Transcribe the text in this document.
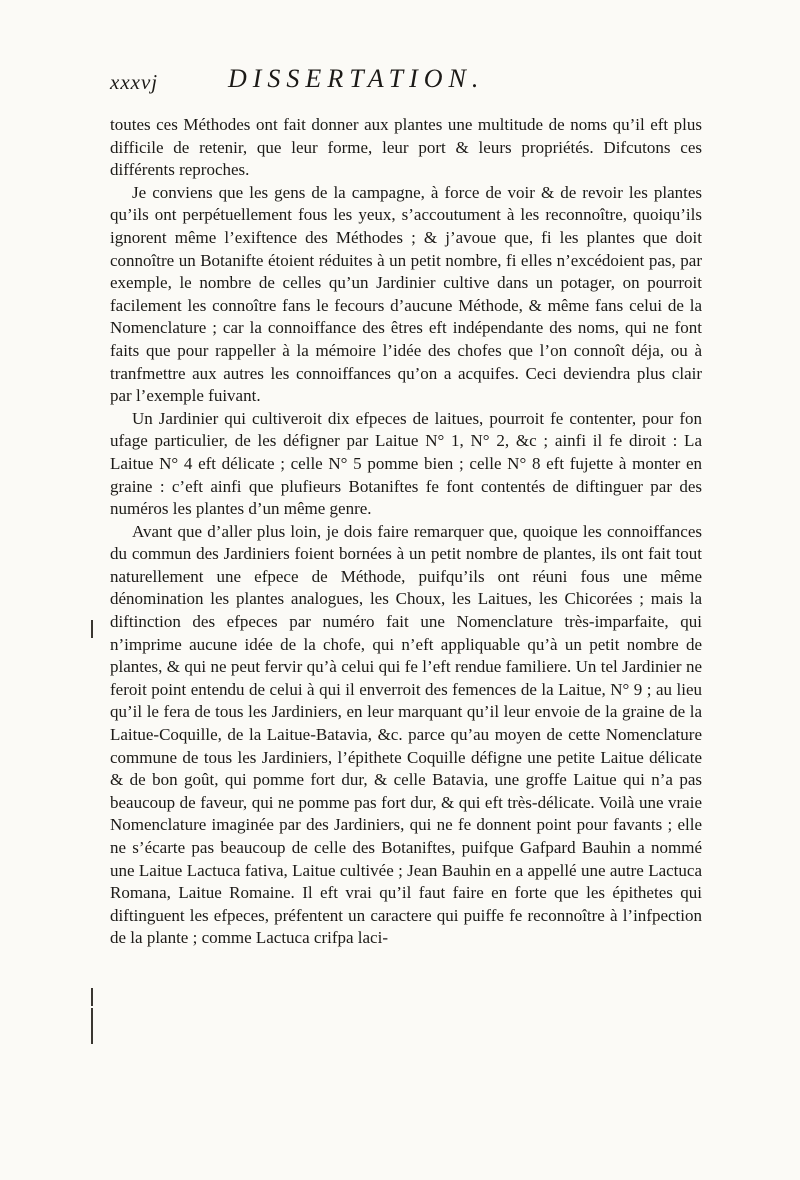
xxxvj	DISSERTATION.

toutes ces Méthodes ont fait donner aux plantes une multitude de noms qu’il eft plus difficile de retenir, que leur forme, leur port & leurs propriétés. Difcutons ces différents reproches.

Je conviens que les gens de la campagne, à force de voir & de revoir les plantes qu’ils ont perpétuellement fous les yeux, s’accoutument à les reconnoître, quoiqu’ils ignorent même l’exiftence des Méthodes ; & j’avoue que, fi les plantes que doit connoître un Botanifte étoient réduites à un petit nombre, fi elles n’excédoient pas, par exemple, le nombre de celles qu’un Jardinier cultive dans un potager, on pourroit facilement les connoître fans le fecours d’aucune Méthode, & même fans celui de la Nomenclature ; car la connoiffance des êtres eft indépendante des noms, qui ne font faits que pour rappeller à la mémoire l’idée des chofes que l’on connoît déja, ou à tranfmettre aux autres les connoiffances qu’on a acquifes. Ceci deviendra plus clair par l’exemple fuivant.

Un Jardinier qui cultiveroit dix efpeces de laitues, pourroit fe contenter, pour fon ufage particulier, de les défigner par Laitue N° 1, N° 2, &c ; ainfi il fe diroit : La Laitue N° 4 eft délicate ; celle N° 5 pomme bien ; celle N° 8 eft fujette à monter en graine : c’eft ainfi que plufieurs Botaniftes fe font contentés de diftinguer par des numéros les plantes d’un même genre.

Avant que d’aller plus loin, je dois faire remarquer que, quoique les connoiffances du commun des Jardiniers foient bornées à un petit nombre de plantes, ils ont fait tout naturellement une efpece de Méthode, puifqu’ils ont réuni fous une même dénomination les plantes analogues, les Choux, les Laitues, les Chicorées ; mais la diftinction des efpeces par numéro fait une Nomenclature très-imparfaite, qui n’imprime aucune idée de la chofe, qui n’eft appliquable qu’à un petit nombre de plantes, & qui ne peut fervir qu’à celui qui fe l’eft rendue familiere. Un tel Jardinier ne feroit point entendu de celui à qui il enverroit des femences de la Laitue, N° 9 ; au lieu qu’il le fera de tous les Jardiniers, en leur marquant qu’il leur envoie de la graine de la Laitue-Coquille, de la Laitue-Batavia, &c. parce qu’au moyen de cette Nomenclature commune de tous les Jardiniers, l’épithete Coquille défigne une petite Laitue délicate & de bon goût, qui pomme fort dur, & celle Batavia, une groffe Laitue qui n’a pas beaucoup de faveur, qui ne pomme pas fort dur, & qui eft très-délicate. Voilà une vraie Nomenclature imaginée par des Jardiniers, qui ne fe donnent point pour favants ; elle ne s’écarte pas beaucoup de celle des Botaniftes, puifque Gafpard Bauhin a nommé une Laitue Lactuca fativa, Laitue cultivée ; Jean Bauhin en a appellé une autre Lactuca Romana, Laitue Romaine. Il eft vrai qu’il faut faire en forte que les épithetes qui diftinguent les efpeces, préfentent un caractere qui puiffe fe reconnoître à l’infpection de la plante ; comme Lactuca crifpa laci-
